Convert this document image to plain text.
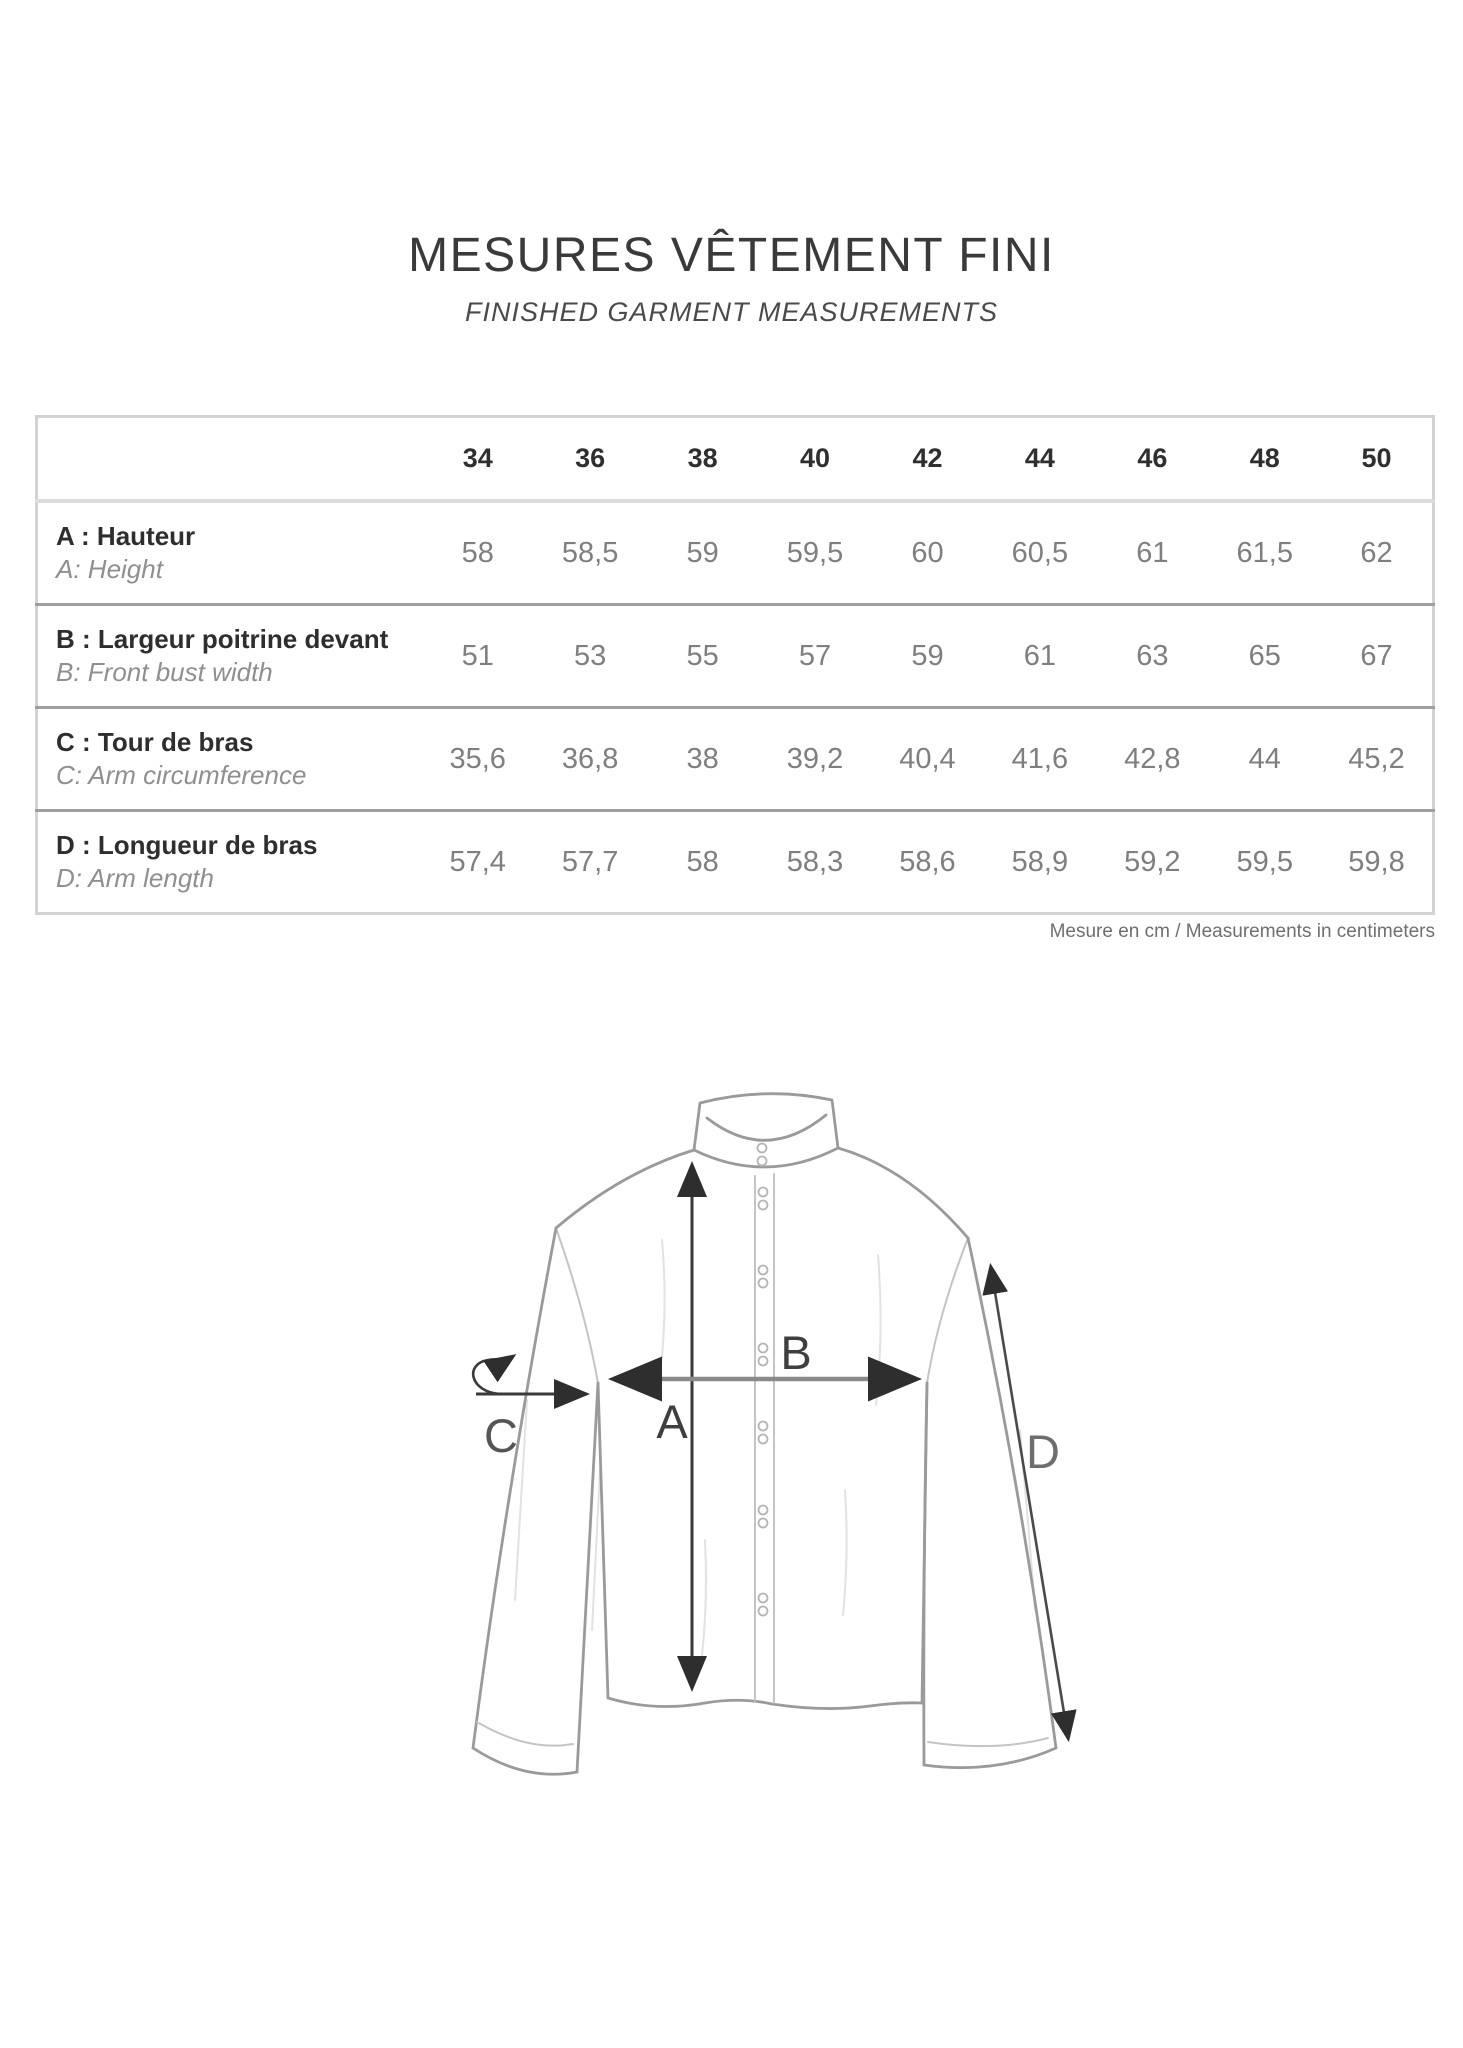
MESURES VÊTEMENT FINI
FINISHED GARMENT MEASUREMENTS
	34	36	38	40	42	44	46	48	50

A : Hauteur
A: Height	58	58,5	59	59,5	60	60,5	61	61,5	62

B : Largeur poitrine devant
B: Front bust width	51	53	55	57	59	61	63	65	67

C : Tour de bras
C: Arm circumference	35,6	36,8	38	39,2	40,4	41,6	42,8	44	45,2

D : Longueur de bras
D: Arm length	57,4	57,7	58	58,3	58,6	58,9	59,2	59,5	59,8
Mesure en cm / Measurements in centimeters
A
B
C	D
